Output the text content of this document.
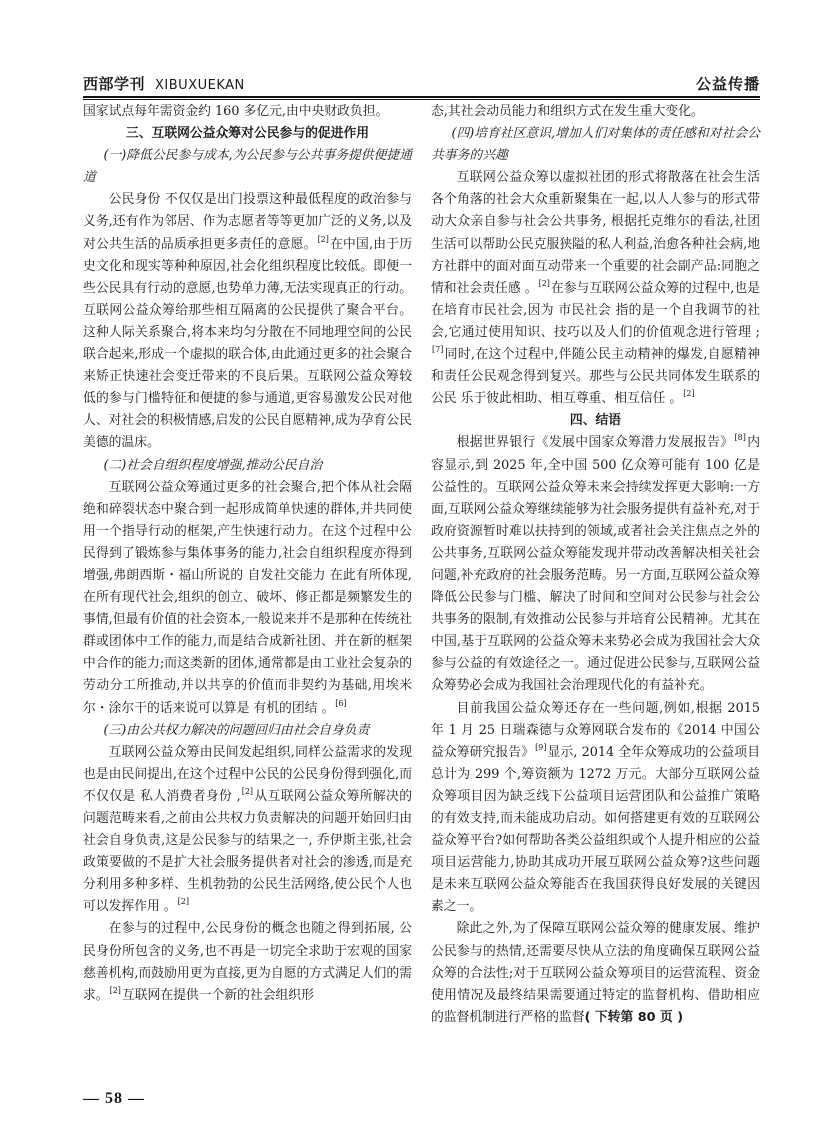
西部学刊 XIBUXUEKAN	公益传播

国家试点每年需资金约 160 多亿元,由中央财政负担。

三、互联网公益众筹对公民参与的促进作用

(一)降低公民参与成本,为公民参与公共事务提供便捷通道

公民身份 不仅仅是出门投票这种最低程度的政治参与义务,还有作为邻居、作为志愿者等等更加广泛的义务,以及对公共生活的品质承担更多责任的意愿。[2]在中国,由于历史文化和现实等种种原因,社会化组织程度比较低。即便一些公民具有行动的意愿,也势单力薄,无法实现真正的行动。互联网公益众筹给那些相互隔离的公民提供了聚合平台。这种人际关系聚合,将本来均匀分散在不同地理空间的公民联合起来,形成一个虚拟的联合体,由此通过更多的社会聚合来矫正快速社会变迁带来的不良后果。互联网公益众筹较低的参与门槛特征和便捷的参与通道,更容易激发公民对他人、对社会的积极情感,启发的公民自愿精神,成为孕育公民美德的温床。

(二)社会自组织程度增强,推动公民自治

互联网公益众筹通过更多的社会聚合,把个体从社会隔绝和碎裂状态中聚合到一起形成简单快速的群体,并共同使用一个指导行动的框架,产生快速行动力。在这个过程中公民得到了锻炼参与集体事务的能力,社会自组织程度亦得到增强,弗朗西斯・福山所说的 自发社交能力 在此有所体现, 在所有现代社会,组织的创立、破坏、修正都是频繁发生的事情,但最有价值的社会资本,一般说来并不是那种在传统社群或团体中工作的能力,而是结合成新社团、并在新的框架中合作的能力;而这类新的团体,通常都是由工业社会复杂的劳动分工所推动,并以共享的价值而非契约为基础,用埃米尔・涂尔干的话来说可以算是 有机的团结 。[6]

(三)由公共权力解决的问题回归由社会自身负责

互联网公益众筹由民间发起组织,同样公益需求的发现也是由民间提出,在这个过程中公民的公民身份得到强化,而不仅仅是 私人消费者身份 ,[2]从互联网公益众筹所解决的问题范畴来看,之前由公共权力负责解决的问题开始回归由社会自身负责,这是公民参与的结果之一, 乔伊斯主张,社会政策要做的不是扩大社会服务提供者对社会的渗透,而是充分利用多种多样、生机勃勃的公民生活网络,使公民个人也可以发挥作用 。[2]

在参与的过程中,公民身份的概念也随之得到拓展, 公民身份所包含的义务,也不再是一切完全求助于宏观的国家慈善机构,而鼓励用更为直接,更为自愿的方式满足人们的需求。[2]互联网在提供一个新的社会组织形

态,其社会动员能力和组织方式在发生重大变化。

(四)培育社区意识,增加人们对集体的责任感和对社会公共事务的兴趣

互联网公益众筹以虚拟社团的形式将散落在社会生活各个角落的社会大众重新聚集在一起,以人人参与的形式带动大众亲自参与社会公共事务, 根据托克维尔的看法,社团生活可以帮助公民克服狭隘的私人利益,治愈各种社会病,地方社群中的面对面互动带来一个重要的社会副产品:同胞之情和社会责任感 。[2]在参与互联网公益众筹的过程中,也是在培育市民社会,因为 市民社会 指的是一个自我调节的社会,它通过使用知识、技巧以及人们的价值观念进行管理 ;[7]同时,在这个过程中,伴随公民主动精神的爆发,自愿精神和责任公民观念得到复兴。那些与公民共同体发生联系的公民 乐于彼此相助、相互尊重、相互信任 。[2]

四、结语

根据世界银行《发展中国家众筹潜力发展报告》[8]内容显示,到 2025 年,全中国 500 亿众筹可能有 100 亿是公益性的。互联网公益众筹未来会持续发挥更大影响:一方面,互联网公益众筹继续能够为社会服务提供有益补充,对于政府资源暂时难以扶持到的领域,或者社会关注焦点之外的公共事务,互联网公益众筹能发现并带动改善解决相关社会问题,补充政府的社会服务范畴。另一方面,互联网公益众筹降低公民参与门槛、解决了时间和空间对公民参与社会公共事务的限制,有效推动公民参与并培育公民精神。尤其在中国,基于互联网的公益众筹未来势必会成为我国社会大众参与公益的有效途径之一。通过促进公民参与,互联网公益众筹势必会成为我国社会治理现代化的有益补充。

目前我国公益众筹还存在一些问题,例如,根据 2015 年 1 月 25 日瑞森德与众筹网联合发布的《2014 中国公益众筹研究报告》[9]显示, 2014 全年众筹成功的公益项目总计为 299 个,筹资额为 1272 万元。大部分互联网公益众筹项目因为缺乏线下公益项目运营团队和公益推广策略的有效支持,而未能成功启动。如何搭建更有效的互联网公益众筹平台?如何帮助各类公益组织或个人提升相应的公益项目运营能力,协助其成功开展互联网公益众筹?这些问题是未来互联网公益众筹能否在我国获得良好发展的关键因素之一。

除此之外,为了保障互联网公益众筹的健康发展、维护公民参与的热情,还需要尽快从立法的角度确保互联网公益众筹的合法性;对于互联网公益众筹项目的运营流程、资金使用情况及最终结果需要通过特定的监督机构、借助相应的监督机制进行严格的监督( 下转第 80 页 )

— 58 —
